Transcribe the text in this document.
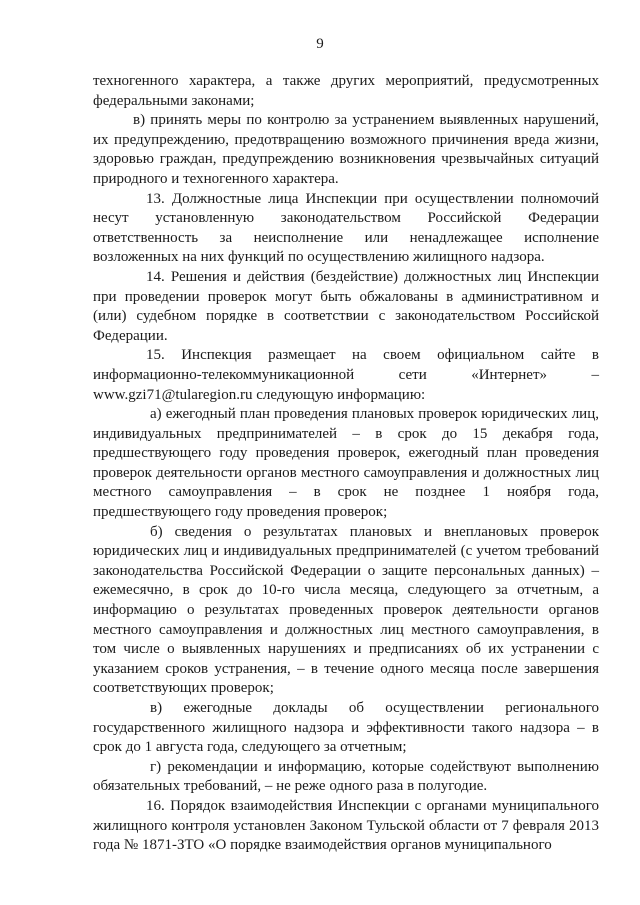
9

техногенного характера, а также других мероприятий, предусмотренных федеральными законами;

в) принять меры по контролю за устранением выявленных нарушений, их предупреждению, предотвращению возможного причинения вреда жизни, здоровью граждан, предупреждению возникновения чрезвычайных ситуаций природного и техногенного характера.

13. Должностные лица Инспекции при осуществлении полномочий несут установленную законодательством Российской Федерации ответственность за неисполнение или ненадлежащее исполнение возложенных на них функций по осуществлению жилищного надзора.

14. Решения и действия (бездействие) должностных лиц Инспекции при проведении проверок могут быть обжалованы в административном и (или) судебном порядке в соответствии с законодательством Российской Федерации.

15. Инспекция размещает на своем официальном сайте в информационно-телекоммуникационной сети «Интернет» – www.gzi71@tularegion.ru следующую информацию:

а) ежегодный план проведения плановых проверок юридических лиц, индивидуальных предпринимателей – в срок до 15 декабря года, предшествующего году проведения проверок, ежегодный план проведения проверок деятельности органов местного самоуправления и должностных лиц местного самоуправления – в срок не позднее 1 ноября года, предшествующего году проведения проверок;

б) сведения о результатах плановых и внеплановых проверок юридических лиц и индивидуальных предпринимателей (с учетом требований законодательства Российской Федерации о защите персональных данных) – ежемесячно, в срок до 10-го числа месяца, следующего за отчетным, а информацию о результатах проведенных проверок деятельности органов местного самоуправления и должностных лиц местного самоуправления, в том числе о выявленных нарушениях и предписаниях об их устранении с указанием сроков устранения, – в течение одного месяца после завершения соответствующих проверок;

в) ежегодные доклады об осуществлении регионального государственного жилищного надзора и эффективности такого надзора – в срок до 1 августа года, следующего за отчетным;

г) рекомендации и информацию, которые содействуют выполнению обязательных требований, – не реже одного раза в полугодие.

16. Порядок взаимодействия Инспекции с органами муниципального жилищного контроля установлен Законом Тульской области от 7 февраля 2013 года № 1871-ЗТО «О порядке взаимодействия органов муниципального
